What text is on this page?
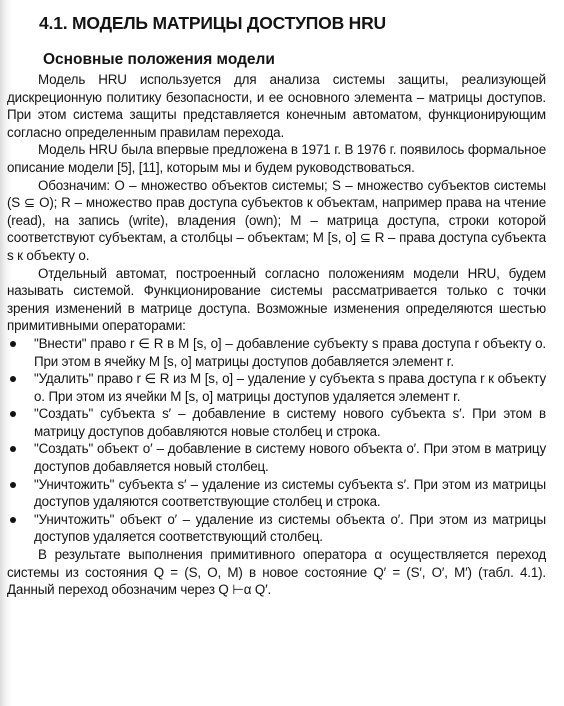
4.1. МОДЕЛЬ МАТРИЦЫ ДОСТУПОВ HRU
Основные положения модели

Модель HRU используется для анализа системы защиты, реализующей дискреционную политику безопасности, и ее основного элемента – матрицы доступов. При этом система защиты представляется конечным автоматом, функционирующим согласно определенным правилам перехода.

Модель HRU была впервые предложена в 1971 г. В 1976 г. появилось формальное описание модели [5], [11], которым мы и будем руководствоваться.

Обозначим: O – множество объектов системы; S – множество субъектов системы (S ⊆ O); R – множество прав доступа субъектов к объектам, например права на чтение (read), на запись (write), владения (own); M – матрица доступа, строки которой соответствуют субъектам, а столбцы – объектам; M [s, o] ⊆ R – права доступа субъекта s к объекту o.

Отдельный автомат, построенный согласно положениям модели HRU, будем называть системой. Функционирование системы рассматривается только с точки зрения изменений в матрице доступа. Возможные изменения определяются шестью примитивными операторами:

"Внести" право r ∈ R в M [s, o] – добавление субъекту s права доступа r объекту o. При этом в ячейку M [s, o] матрицы доступов добавляется элемент r.
"Удалить" право r ∈ R из M [s, o] – удаление у субъекта s права доступа r к объекту o. При этом из ячейки M [s, o] матрицы доступов удаляется элемент r.
"Создать" субъекта s′ – добавление в систему нового субъекта s′. При этом в матрицу доступов добавляются новые столбец и строка.
"Создать" объект o′ – добавление в систему нового объекта o′. При этом в матрицу доступов добавляется новый столбец.
"Уничтожить" субъекта s′ – удаление из системы субъекта s′. При этом из матрицы доступов удаляются соответствующие столбец и строка.
"Уничтожить" объект o′ – удаление из системы объекта o′. При этом из матрицы доступов удаляется соответствующий столбец.

В результате выполнения примитивного оператора α осуществляется переход системы из состояния Q = (S, O, M) в новое состояние Q′ = (S′, O′, M′) (табл. 4.1). Данный переход обозначим через Q ⊢α Q′.
